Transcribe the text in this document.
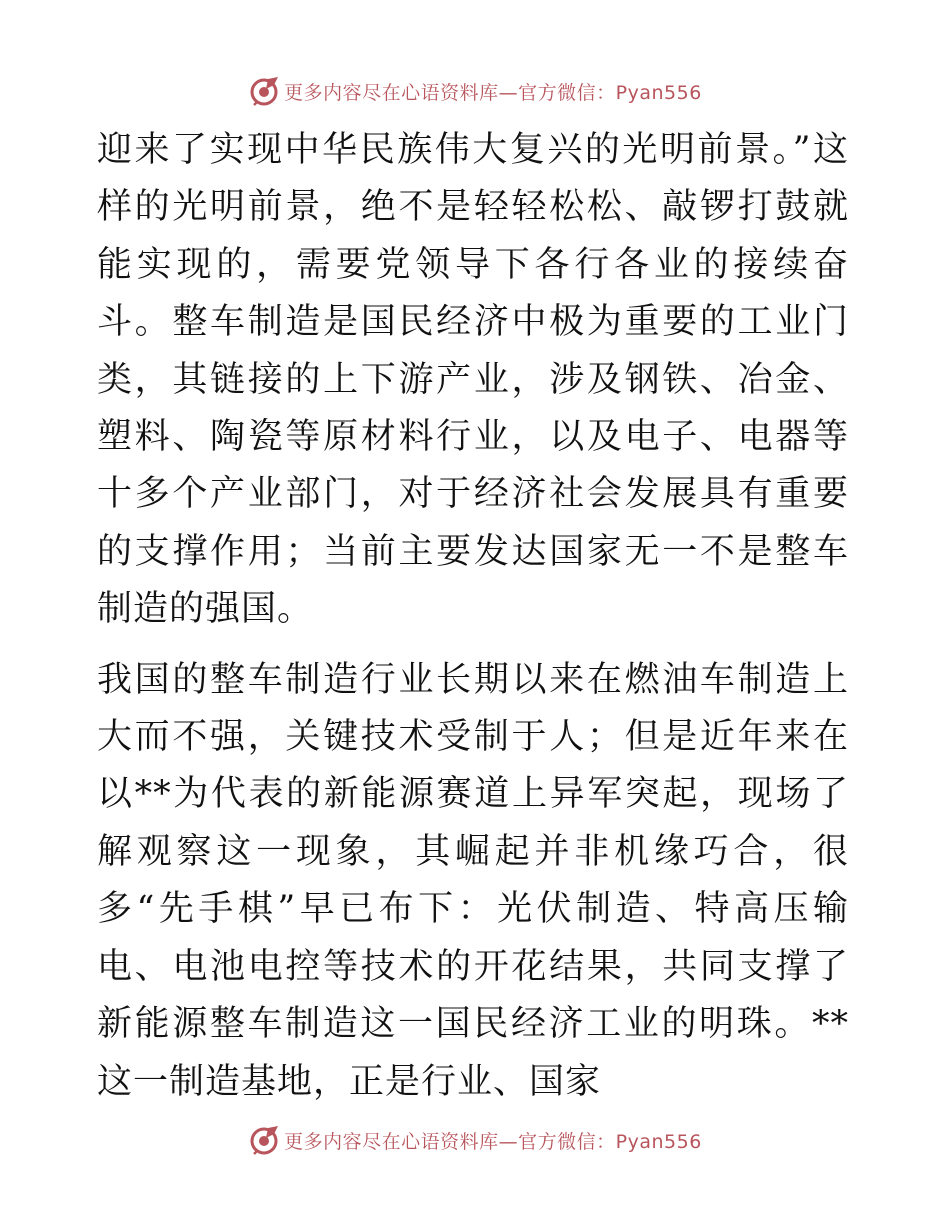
更多内容尽在心语资料库—官方微信：Pyan556

迎来了实现中华民族伟大复兴的光明前景。”这样的光明前景，绝不是轻轻松松、敲锣打鼓就能实现的，需要党领导下各行各业的接续奋斗。整车制造是国民经济中极为重要的工业门类，其链接的上下游产业，涉及钢铁、冶金、塑料、陶瓷等原材料行业，以及电子、电器等十多个产业部门，对于经济社会发展具有重要的支撑作用；当前主要发达国家无一不是整车制造的强国。

我国的整车制造行业长期以来在燃油车制造上大而不强，关键技术受制于人；但是近年来在以**为代表的新能源赛道上异军突起，现场了解观察这一现象，其崛起并非机缘巧合，很多“先手棋”早已布下：光伏制造、特高压输电、电池电控等技术的开花结果，共同支撑了新能源整车制造这一国民经济工业的明珠。**这一制造基地，正是行业、国家

更多内容尽在心语资料库—官方微信：Pyan556
